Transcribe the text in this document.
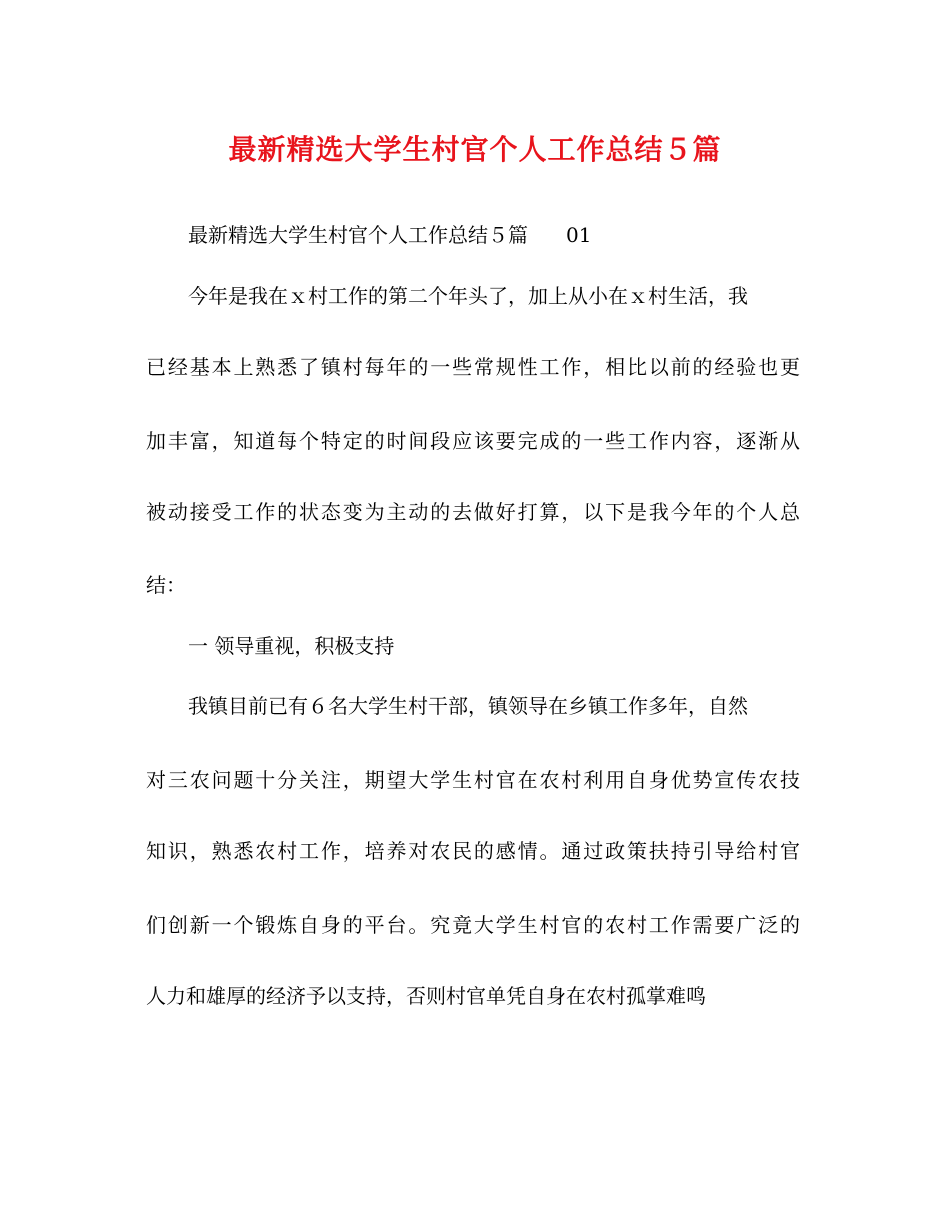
最新精选大学生村官个人工作总结５篇
最新精选大学生村官个人工作总结５篇 01
今年是我在ｘ村工作的第二个年头了，加上从小在ｘ村生活，我
已经基本上熟悉了镇村每年的一些常规性工作，相比以前的经验也更
加丰富，知道每个特定的时间段应该要完成的一些工作内容，逐渐从
被动接受工作的状态变为主动的去做好打算，以下是我今年的个人总
结：
一 领导重视，积极支持
我镇目前已有６名大学生村干部，镇领导在乡镇工作多年，自然
对三农问题十分关注，期望大学生村官在农村利用自身优势宣传农技
知识，熟悉农村工作，培养对农民的感情。通过政策扶持引导给村官
们创新一个锻炼自身的平台。究竟大学生村官的农村工作需要广泛的
人力和雄厚的经济予以支持，否则村官单凭自身在农村孤掌难鸣
